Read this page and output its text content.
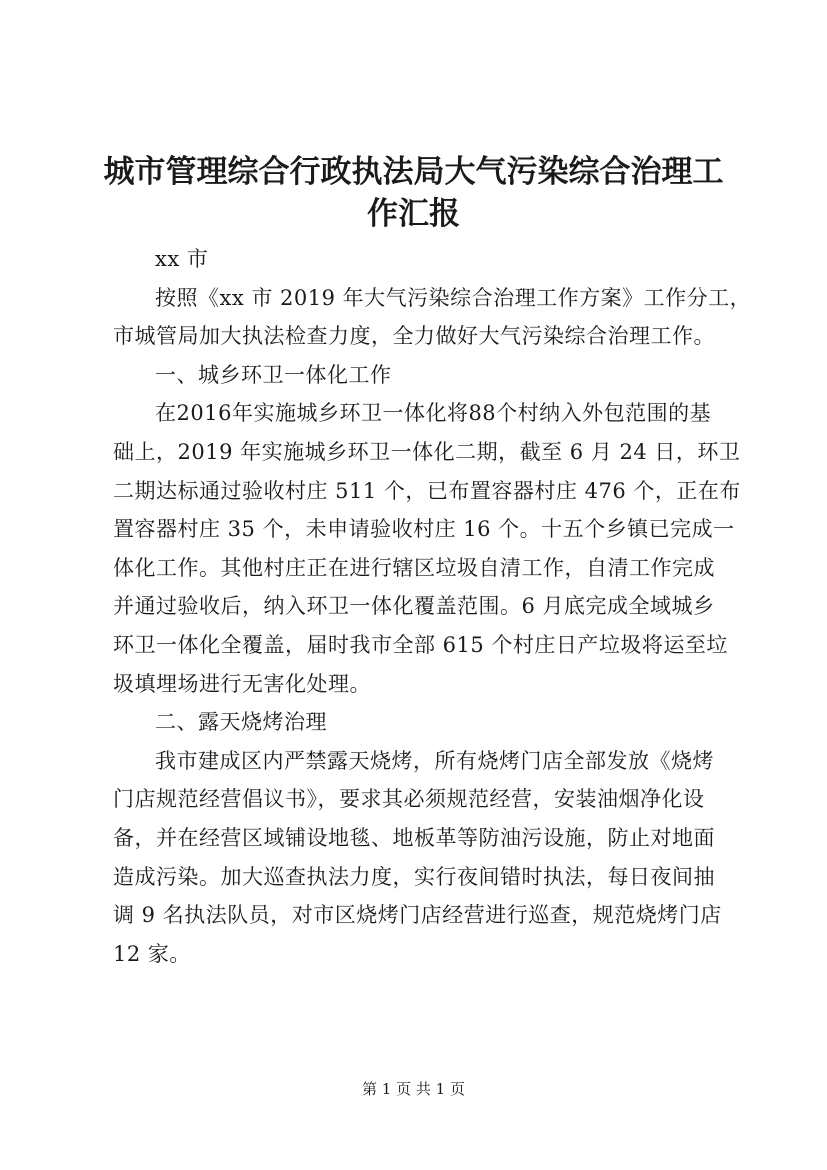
城市管理综合行政执法局大气污染综合治理工
作汇报
xx 市
按照《xx 市 2019 年大气污染综合治理工作方案》工作分工，
市城管局加大执法检查力度，全力做好大气污染综合治理工作。
一、城乡环卫一体化工作
在2016年实施城乡环卫一体化将88个村纳入外包范围的基
础上，2019 年实施城乡环卫一体化二期，截至 6 月 24 日，环卫
二期达标通过验收村庄 511 个，已布置容器村庄 476 个，正在布
置容器村庄 35 个，未申请验收村庄 16 个。十五个乡镇已完成一
体化工作。其他村庄正在进行辖区垃圾自清工作，自清工作完成
并通过验收后，纳入环卫一体化覆盖范围。6 月底完成全域城乡
环卫一体化全覆盖，届时我市全部 615 个村庄日产垃圾将运至垃
圾填埋场进行无害化处理。
二、露天烧烤治理
我市建成区内严禁露天烧烤，所有烧烤门店全部发放《烧烤
门店规范经营倡议书》，要求其必须规范经营，安装油烟净化设
备，并在经营区域铺设地毯、地板革等防油污设施，防止对地面
造成污染。加大巡查执法力度，实行夜间错时执法，每日夜间抽
调 9 名执法队员，对市区烧烤门店经营进行巡查，规范烧烤门店
12 家。
第 1 页 共 1 页
